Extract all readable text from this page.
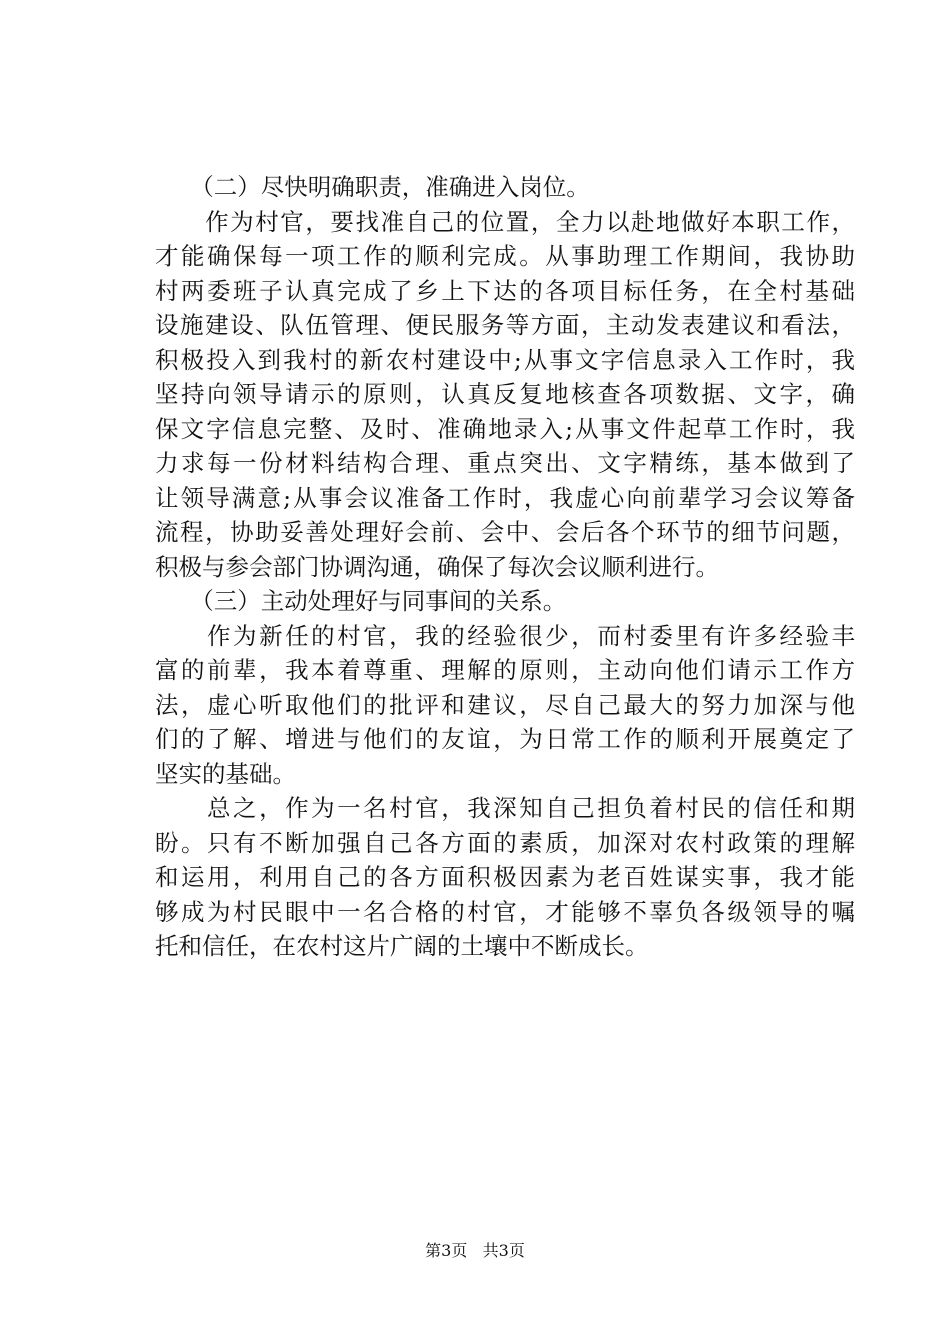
　　（二）尽快明确职责，准确进入岗位。
　　作为村官，要找准自己的位置，全力以赴地做好本职工作，
才能确保每一项工作的顺利完成。从事助理工作期间，我协助
村两委班子认真完成了乡上下达的各项目标任务，在全村基础
设施建设、队伍管理、便民服务等方面，主动发表建议和看法，
积极投入到我村的新农村建设中;从事文字信息录入工作时，我
坚持向领导请示的原则，认真反复地核查各项数据、文字，确
保文字信息完整、及时、准确地录入;从事文件起草工作时，我
力求每一份材料结构合理、重点突出、文字精练，基本做到了
让领导满意;从事会议准备工作时，我虚心向前辈学习会议筹备
流程，协助妥善处理好会前、会中、会后各个环节的细节问题，
积极与参会部门协调沟通，确保了每次会议顺利进行。
　　（三）主动处理好与同事间的关系。
　　作为新任的村官，我的经验很少，而村委里有许多经验丰
富的前辈，我本着尊重、理解的原则，主动向他们请示工作方
法，虚心听取他们的批评和建议，尽自己最大的努力加深与他
们的了解、增进与他们的友谊，为日常工作的顺利开展奠定了
坚实的基础。
　　总之，作为一名村官，我深知自己担负着村民的信任和期
盼。只有不断加强自己各方面的素质，加深对农村政策的理解
和运用，利用自己的各方面积极因素为老百姓谋实事，我才能
够成为村民眼中一名合格的村官，才能够不辜负各级领导的嘱
托和信任，在农村这片广阔的土壤中不断成长。
第3页 共3页
